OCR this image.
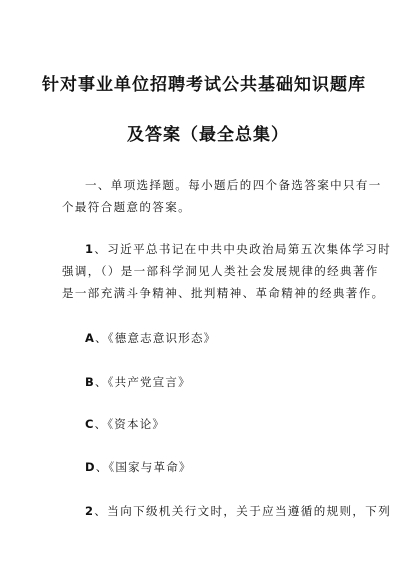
针对事业单位招聘考试公共基础知识题库
及答案（最全总集）
一、单项选择题。每小题后的四个备选答案中只有一
个最符合题意的答案。
1、习近平总书记在中共中央政治局第五次集体学习时
强调，（）是一部科学洞见人类社会发展规律的经典著作
是一部充满斗争精神、批判精神、革命精神的经典著作。
A、《德意志意识形态》
B、《共产党宣言》
C、《资本论》
D、《国家与革命》
2、当向下级机关行文时，关于应当遵循的规则，下列
